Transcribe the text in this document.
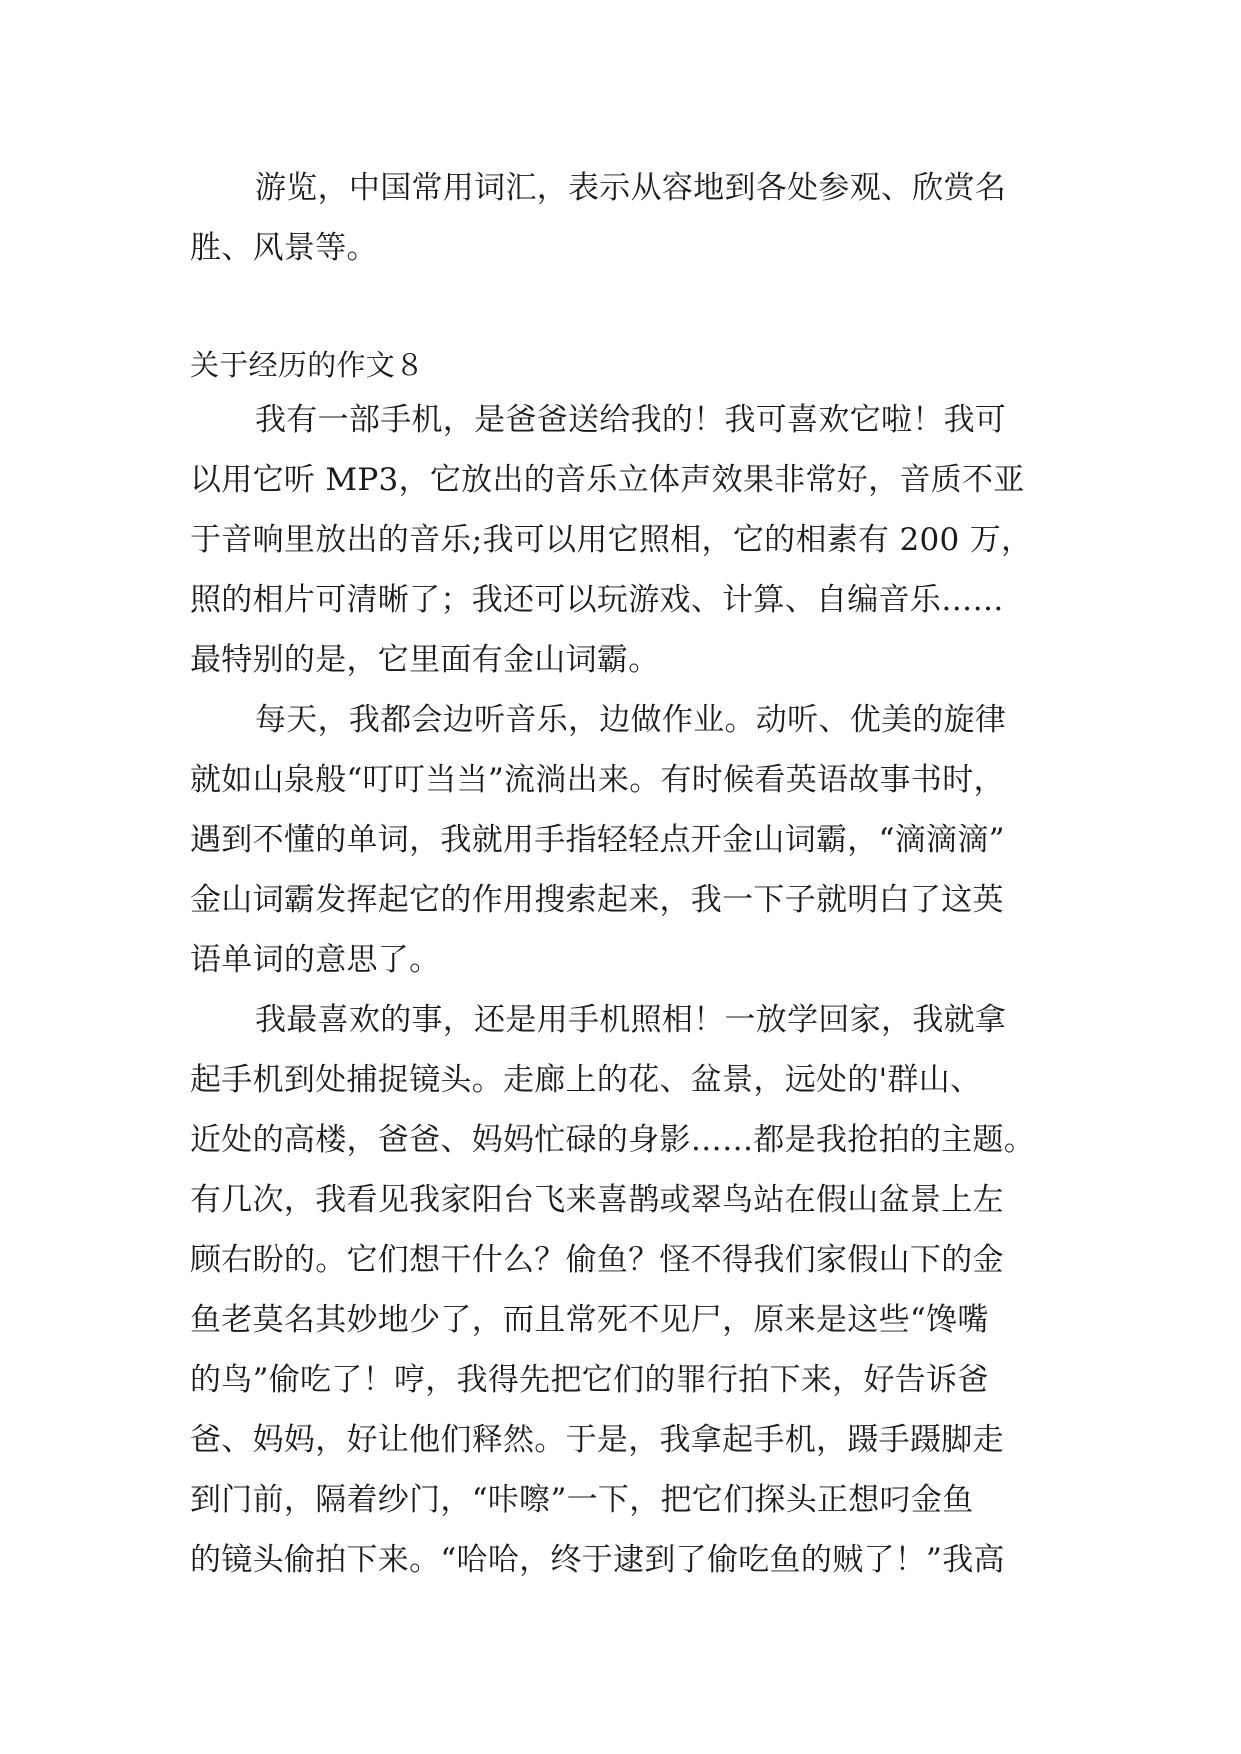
游览，中国常用词汇，表示从容地到各处参观、欣赏名
胜、风景等。
关于经历的作文８
我有一部手机，是爸爸送给我的！我可喜欢它啦！我可
以用它听 MP3，它放出的音乐立体声效果非常好，音质不亚
于音响里放出的音乐;我可以用它照相，它的相素有 200 万，
照的相片可清晰了；我还可以玩游戏、计算、自编音乐……
最特别的是，它里面有金山词霸。
每天，我都会边听音乐，边做作业。动听、优美的旋律
就如山泉般“叮叮当当”流淌出来。有时候看英语故事书时，
遇到不懂的单词，我就用手指轻轻点开金山词霸，“滴滴滴”
金山词霸发挥起它的作用搜索起来，我一下子就明白了这英
语单词的意思了。
我最喜欢的事，还是用手机照相！一放学回家，我就拿
起手机到处捕捉镜头。走廊上的花、盆景，远处的'群山、
近处的高楼，爸爸、妈妈忙碌的身影……都是我抢拍的主题。
有几次，我看见我家阳台飞来喜鹊或翠鸟站在假山盆景上左
顾右盼的。它们想干什么？偷鱼？怪不得我们家假山下的金
鱼老莫名其妙地少了，而且常死不见尸，原来是这些“馋嘴
的鸟”偷吃了！哼，我得先把它们的罪行拍下来，好告诉爸
爸、妈妈，好让他们释然。于是，我拿起手机，蹑手蹑脚走
到门前，隔着纱门，“咔嚓”一下，把它们探头正想叼金鱼
的镜头偷拍下来。“哈哈，终于逮到了偷吃鱼的贼了！”我高
